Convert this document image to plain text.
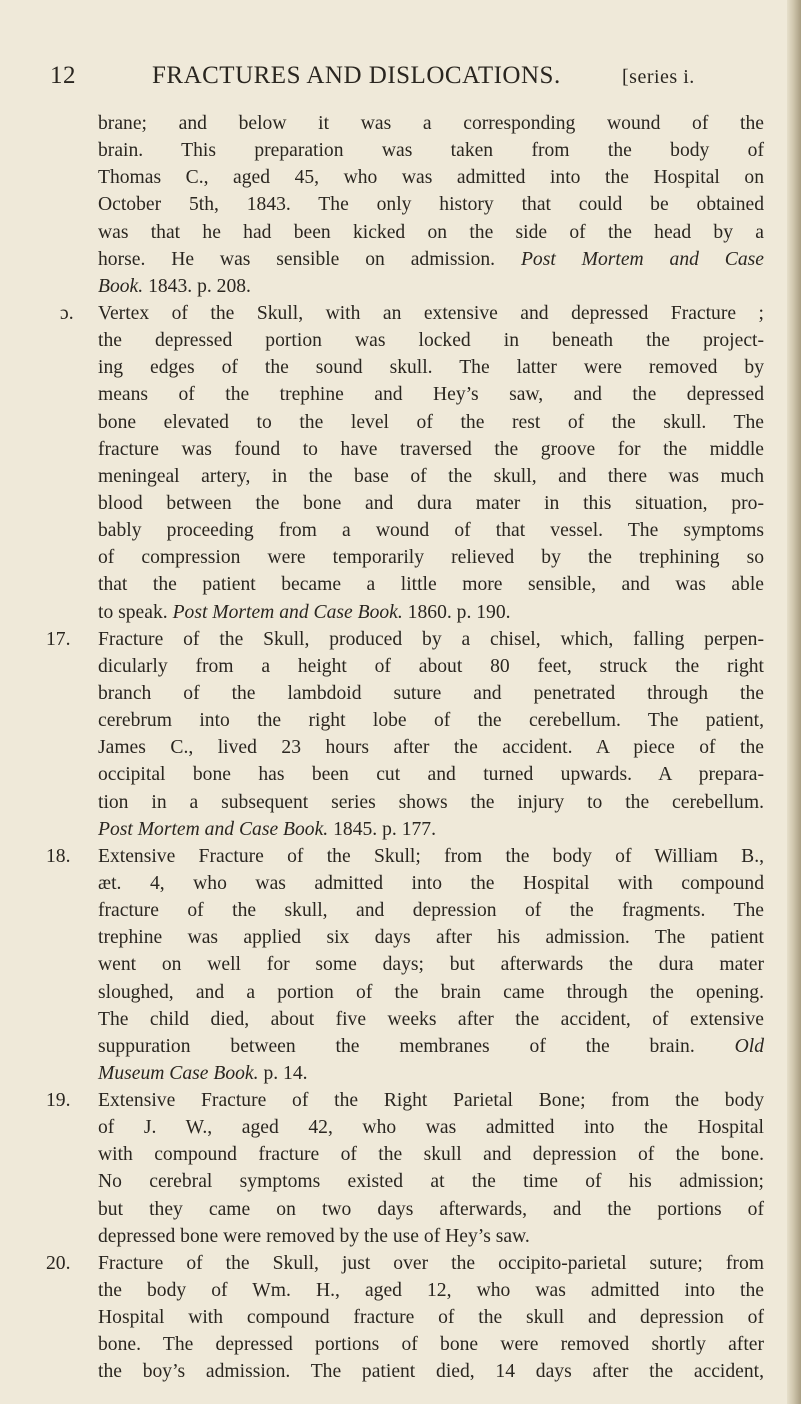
12	FRACTURES AND DISLOCATIONS.	[series i.
brane; and below it was a corresponding wound of the
brain. This preparation was taken from the body of
Thomas C., aged 45, who was admitted into the Hospital on
October 5th, 1843. The only history that could be obtained
was that he had been kicked on the side of the head by a
horse. He was sensible on admission. Post Mortem and Case
Book. 1843. p. 208.
ɔ. Vertex of the Skull, with an extensive and depressed Fracture ;
the depressed portion was locked in beneath the project-
ing edges of the sound skull. The latter were removed by
means of the trephine and Hey’s saw, and the depressed
bone elevated to the level of the rest of the skull. The
fracture was found to have traversed the groove for the middle
meningeal artery, in the base of the skull, and there was much
blood between the bone and dura mater in this situation, pro-
bably proceeding from a wound of that vessel. The symptoms
of compression were temporarily relieved by the trephining so
that the patient became a little more sensible, and was able
to speak. Post Mortem and Case Book. 1860. p. 190.
17. Fracture of the Skull, produced by a chisel, which, falling perpen-
dicularly from a height of about 80 feet, struck the right
branch of the lambdoid suture and penetrated through the
cerebrum into the right lobe of the cerebellum. The patient,
James C., lived 23 hours after the accident. A piece of the
occipital bone has been cut and turned upwards. A prepara-
tion in a subsequent series shows the injury to the cerebellum.
Post Mortem and Case Book. 1845. p. 177.
18. Extensive Fracture of the Skull; from the body of William B.,
æt. 4, who was admitted into the Hospital with compound
fracture of the skull, and depression of the fragments. The
trephine was applied six days after his admission. The patient
went on well for some days; but afterwards the dura mater
sloughed, and a portion of the brain came through the opening.
The child died, about five weeks after the accident, of extensive
suppuration between the membranes of the brain. Old
Museum Case Book. p. 14.
19. Extensive Fracture of the Right Parietal Bone; from the body
of J. W., aged 42, who was admitted into the Hospital
with compound fracture of the skull and depression of the bone.
No cerebral symptoms existed at the time of his admission;
but they came on two days afterwards, and the portions of
depressed bone were removed by the use of Hey’s saw.
20. Fracture of the Skull, just over the occipito-parietal suture; from
the body of Wm. H., aged 12, who was admitted into the
Hospital with compound fracture of the skull and depression of
bone. The depressed portions of bone were removed shortly after
the boy’s admission. The patient died, 14 days after the accident,
